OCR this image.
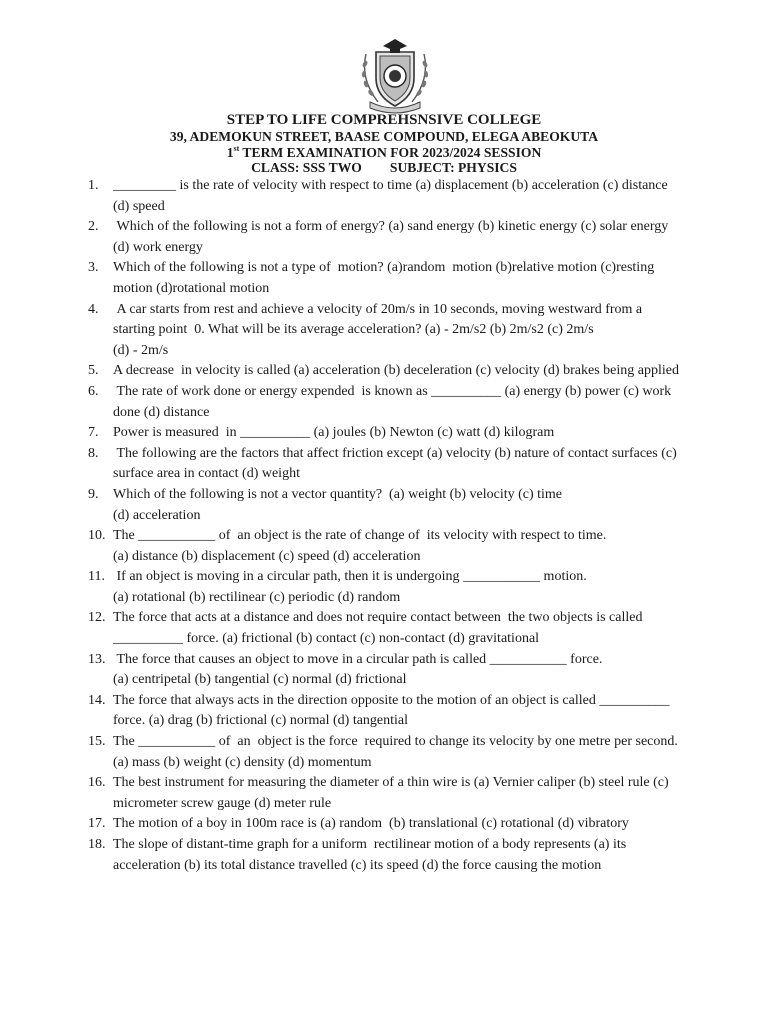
STEP TO LIFE COMPREHSNSIVE COLLEGE
39, ADEMOKUN STREET, BAASE COMPOUND, ELEGA ABEOKUTA
1st TERM EXAMINATION FOR 2023/2024 SESSION
CLASS: SSS TWO SUBJECT: PHYSICS
1.	_________ is the rate of velocity with respect to time (a) displacement (b) acceleration (c) distance (d) speed
2.	Which of the following is not a form of energy? (a) sand energy (b) kinetic energy (c) solar energy (d) work energy
3.	Which of the following is not a type of  motion? (a)random  motion (b)relative motion (c)resting motion (d)rotational motion
4.	A car starts from rest and achieve a velocity of 20m/s in 10 seconds, moving westward from a starting point  0. What will be its average acceleration? (a) - 2m/s2 (b) 2m/s2 (c) 2m/s
(d) - 2m/s
5.	A decrease  in velocity is called (a) acceleration (b) deceleration (c) velocity (d) brakes being applied
6.	The rate of work done or energy expended  is known as __________ (a) energy (b) power (c) work done (d) distance
7.	Power is measured  in __________ (a) joules (b) Newton (c) watt (d) kilogram
8.	The following are the factors that affect friction except (a) velocity (b) nature of contact surfaces (c) surface area in contact (d) weight
9.	Which of the following is not a vector quantity?  (a) weight (b) velocity (c) time
(d) acceleration
10. The ___________ of  an object is the rate of change of  its velocity with respect to time.
(a) distance (b) displacement (c) speed (d) acceleration
11. If an object is moving in a circular path, then it is undergoing ___________ motion.
(a) rotational (b) rectilinear (c) periodic (d) random
12. The force that acts at a distance and does not require contact between  the two objects is called __________ force. (a) frictional (b) contact (c) non-contact (d) gravitational
13. The force that causes an object to move in a circular path is called ___________ force.
(a) centripetal (b) tangential (c) normal (d) frictional
14. The force that always acts in the direction opposite to the motion of an object is called __________ force. (a) drag (b) frictional (c) normal (d) tangential
15. The ___________ of  an  object is the force  required to change its velocity by one metre per second. (a) mass (b) weight (c) density (d) momentum
16. The best instrument for measuring the diameter of a thin wire is (a) Vernier caliper (b) steel rule (c) micrometer screw gauge (d) meter rule
17. The motion of a boy in 100m race is (a) random  (b) translational (c) rotational (d) vibratory
18. The slope of distant-time graph for a uniform  rectilinear motion of a body represents (a) its acceleration (b) its total distance travelled (c) its speed (d) the force causing the motion
